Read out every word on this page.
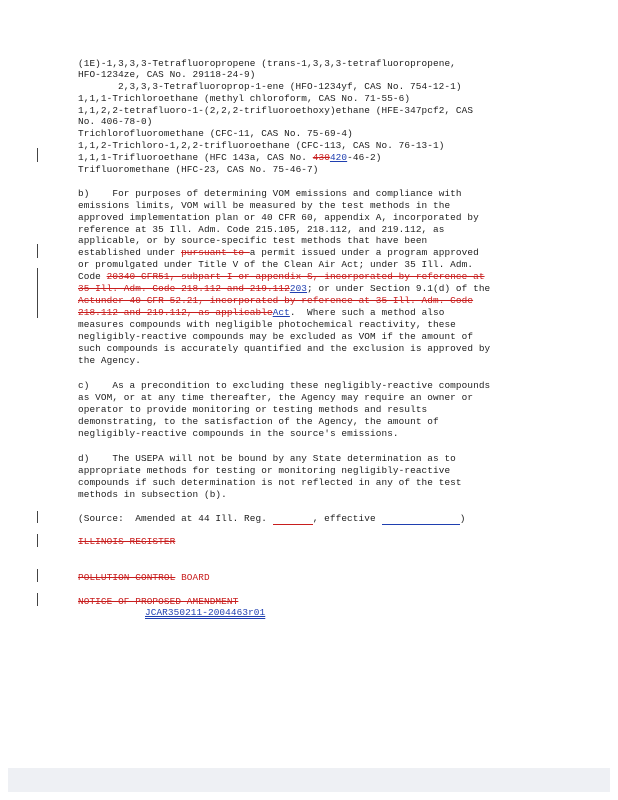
(1E)-1,3,3,3-Tetrafluoropropene (trans-1,3,3,3-tetrafluoropropene,
HFO-1234ze, CAS No. 29118-24-9)
2,3,3,3-Tetrafluoroprop-1-ene (HFO-1234yf, CAS No. 754-12-1)
1,1,1-Trichloroethane (methyl chloroform, CAS No. 71-55-6)
1,1,2,2-tetrafluoro-1-(2,2,2-trifluoroethoxy)ethane (HFE-347pcf2, CAS
No. 406-78-0)
Trichlorofluoromethane (CFC-11, CAS No. 75-69-4)
1,1,2-Trichloro-1,2,2-trifluoroethane (CFC-113, CAS No. 76-13-1)
1,1,1-Trifluoroethane (HFC 143a, CAS No. 430420-46-2)
Trifluoromethane (HFC-23, CAS No. 75-46-7)
b)    For purposes of determining VOM emissions and compliance with
emissions limits, VOM will be measured by the test methods in the
approved implementation plan or 40 CFR 60, appendix A, incorporated by
reference at 35 Ill. Adm. Code 215.105, 218.112, and 219.112, as
applicable, or by source-specific test methods that have been
established under pursuant to a permit issued under a program approved
or promulgated under Title V of the Clean Air Act; under 35 Ill. Adm.
Code 20340 CFR51, subpart I or appendix S, incorporated by reference at
35 Ill. Adm. Code 218.112 and 219.112203; or under Section 9.1(d) of the
Actunder 40 CFR 52.21, incorporated by reference at 35 Ill. Adm. Code
218.112 and 219.112, as applicableAct.  Where such a method also
measures compounds with negligible photochemical reactivity, these
negligibly-reactive compounds may be excluded as VOM if the amount of
such compounds is accurately quantified and the exclusion is approved by
the Agency.
c)    As a precondition to excluding these negligibly-reactive compounds
as VOM, or at any time thereafter, the Agency may require an owner or
operator to provide monitoring or testing methods and results
demonstrating, to the satisfaction of the Agency, the amount of
negligibly-reactive compounds in the source's emissions.
d)    The USEPA will not be bound by any State determination as to
appropriate methods for testing or monitoring negligibly-reactive
compounds if such determination is not reflected in any of the test
methods in subsection (b).
(Source:  Amended at 44 Ill. Reg.	, effective	)
ILLINOIS REGISTER
POLLUTION CONTROL BOARD
NOTICE OF PROPOSED AMENDMENT
JCAR350211-2004463r01
